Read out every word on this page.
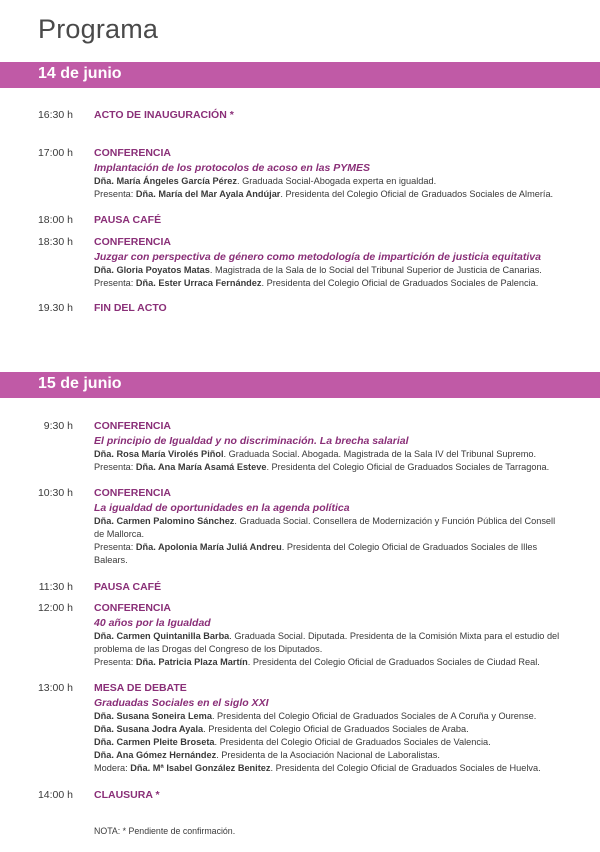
Programa
14 de junio
16:30 h ACTO DE INAUGURACIÓN *
17:00 h CONFERENCIA
Implantación de los protocolos de acoso en las PYMES
Dña. María Ángeles García Pérez. Graduada Social-Abogada experta en igualdad.
Presenta: Dña. María del Mar Ayala Andújar. Presidenta del Colegio Oficial de Graduados Sociales de Almería.
18:00 h PAUSA CAFÉ
18:30 h CONFERENCIA
Juzgar con perspectiva de género como metodología de impartición de justicia equitativa
Dña. Gloria Poyatos Matas. Magistrada de la Sala de lo Social del Tribunal Superior de Justicia de Canarias.
Presenta: Dña. Ester Urraca Fernández. Presidenta del Colegio Oficial de Graduados Sociales de Palencia.
19.30 h FIN DEL ACTO
15 de junio
9:30 h CONFERENCIA
El principio de Igualdad y no discriminación. La brecha salarial
Dña. Rosa María Virolés Piñol. Graduada Social. Abogada. Magistrada de la Sala IV del Tribunal Supremo.
Presenta: Dña. Ana María Asamá Esteve. Presidenta del Colegio Oficial de Graduados Sociales de Tarragona.
10:30 h CONFERENCIA
La igualdad de oportunidades en la agenda política
Dña. Carmen Palomino Sánchez. Graduada Social. Consellera de Modernización y Función Pública del Consell de Mallorca.
Presenta: Dña. Apolonia María Juliá Andreu. Presidenta del Colegio Oficial de Graduados Sociales de Illes Balears.
11:30 h PAUSA CAFÉ
12:00 h CONFERENCIA
40 años por la Igualdad
Dña. Carmen Quintanilla Barba. Graduada Social. Diputada. Presidenta de la Comisión Mixta para el estudio del problema de las Drogas del Congreso de los Diputados.
Presenta: Dña. Patricia Plaza Martín. Presidenta del Colegio Oficial de Graduados Sociales de Ciudad Real.
13:00 h MESA DE DEBATE
Graduadas Sociales en el siglo XXI
Dña. Susana Soneira Lema. Presidenta del Colegio Oficial de Graduados Sociales de A Coruña y Ourense.
Dña. Susana Jodra Ayala. Presidenta del Colegio Oficial de Graduados Sociales de Araba.
Dña. Carmen Pleite Broseta. Presidenta del Colegio Oficial de Graduados Sociales de Valencia.
Dña. Ana Gómez Hernández. Presidenta de la Asociación Nacional de Laboralistas.
Modera: Dña. Mª Isabel González Benitez. Presidenta del Colegio Oficial de Graduados Sociales de Huelva.
14:00 h CLAUSURA *
NOTA: * Pendiente de confirmación.
